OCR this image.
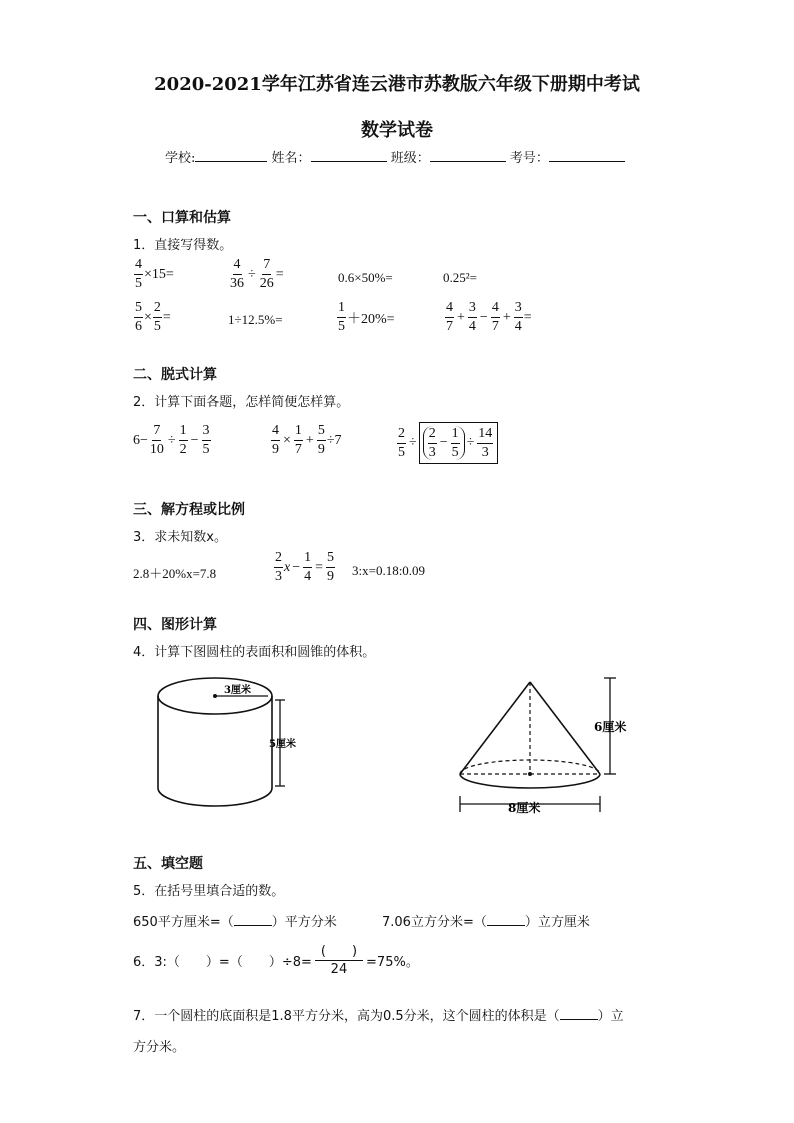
2020-2021学年江苏省连云港市苏教版六年级下册期中考试
数学试卷
学校:	姓名：	班级：	考号：
一、口算和估算
1．直接写得数。
$\frac{4}{5} \times 15=$	$\frac{4}{36} \div \frac{7}{26}$ =	0.6×50%=	0.25²=
$\frac{5}{6} \times \frac{2}{5}$ =	1÷12.5%=	$\frac{1}{5} +20\%=$	$\frac{4}{7} + \frac{3}{4} - \frac{4}{7} + \frac{3}{4}$ =
二、脱式计算
2．计算下面各题，怎样简便怎样算。
$6- \frac{7}{10} \div \frac{1}{2} - \frac{3}{5}$	$\frac{4}{9} \times \frac{1}{7} + \frac{5}{9} \div 7$	$\frac{2}{5} \div \frac{2}{3} - \frac{1}{5} \div \frac{14}{3}$
三、解方程或比例
3．求未知数x。
2.8＋20%x=7.8	$\frac{2}{3}$ $x - \frac{1}{4} = \frac{5}{9}$ 3:x=0.18:0.09
四、图形计算
4．计算下图圆柱的表面积和圆锥的体积。
3厘米
5厘米
6厘米
8厘米
五、填空题
5．在括号里填合适的数。
650平方厘米=（	）平方分米	7.06立方分米=（	）立方厘米
6．3:（　　）=（　　）$\div 8= \frac{( )}{24} =75\%$。
7．一个圆柱的底面积是1.8平方分米，高为0.5分米，这个圆柱的体积是（	）立
方分米。
